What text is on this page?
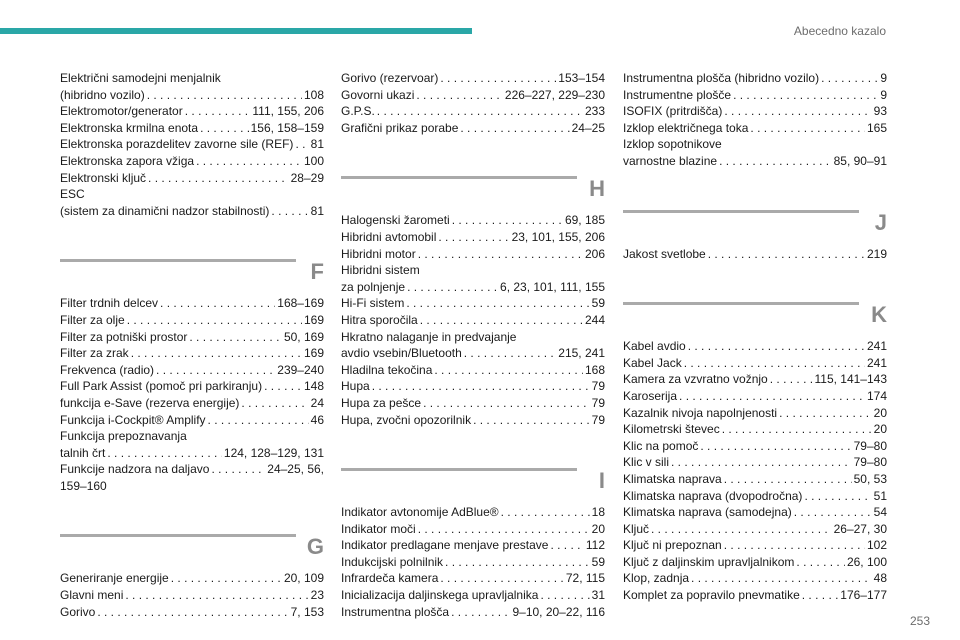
Abecedno kazalo
Električni samodejni menjalnik
(hibridno vozilo) . . .	108
Elektromotor/generator . . .	111, 155, 206
Elektronska krmilna enota . . .	156, 158–159
Elektronska porazdelitev zavorne sile (REF) . . . 81
Elektronska zapora vžiga . . .	100
Elektronski ključ . . .	28–29
ESC
(sistem za dinamični nadzor stabilnosti) . . .	81
F
Filter trdnih delcev . . .	168–169
Filter za olje . . .	169
Filter za potniški prostor . . .	50, 169
Filter za zrak . . .	169
Frekvenca (radio) . . .	239–240
Full Park Assist (pomoč pri parkiranju) . . .	148
funkcija e-Save (rezerva energije) . . .	24
Funkcija i-Cockpit® Amplify . . .	46
Funkcija prepoznavanja
talnih črt . . .	124, 128–129, 131
Funkcije nadzora na daljavo . . .	24–25, 56,
159–160
G
Generiranje energije . . .	20, 109
Glavni meni . . .	23
Gorivo . . .	7, 153
Gorivo (rezervoar) . . .	153–154
Govorni ukazi . . .	226–227, 229–230
G.P.S. . . .	233
Grafični prikaz porabe . . .	24–25
H
Halogenski žarometi . . .	69, 185
Hibridni avtomobil . . .	23, 101, 155, 206
Hibridni motor . . .	206
Hibridni sistem
za polnjenje . . .	6, 23, 101, 111, 155
Hi-Fi sistem . . .	59
Hitra sporočila . . .	244
Hkratno nalaganje in predvajanje
avdio vsebin/Bluetooth . . .	215, 241
Hladilna tekočina . . .	168
Hupa . . .	79
Hupa za pešce . . .	79
Hupa, zvočni opozorilnik . . .	79
I
Indikator avtonomije AdBlue® . . .	18
Indikator moči . . .	20
Indikator predlagane menjave prestave . . .	112
Indukcijski polnilnik . . .	59
Infrardeča kamera . . .	72, 115
Inicializacija daljinskega upravljalnika . . .	31
Instrumentna plošča . . .	9–10, 20–22, 116
Instrumentna plošča (hibridno vozilo) . . .	9
Instrumentne plošče . . .	9
ISOFIX (pritrdišča) . . .	93
Izklop električnega toka . . .	165
Izklop sopotnikove
varnostne blazine . . .	85, 90–91
J
Jakost svetlobe . . .	219
K
Kabel avdio . . .	241
Kabel Jack . . .	241
Kamera za vzvratno vožnjo . . .	115, 141–143
Karoserija . . .	174
Kazalnik nivoja napolnjenosti . . .	20
Kilometrski števec . . .	20
Klic na pomoč . . .	79–80
Klic v sili . . .	79–80
Klimatska naprava . . .	50, 53
Klimatska naprava (dvopodročna) . . .	51
Klimatska naprava (samodejna) . . .	54
Ključ . . .	26–27, 30
Ključ ni prepoznan . . .	102
Ključ z daljinskim upravljalnikom . . .	26, 100
Klop, zadnja . . .	48
Komplet za popravilo pnevmatike . . .	176–177
253
